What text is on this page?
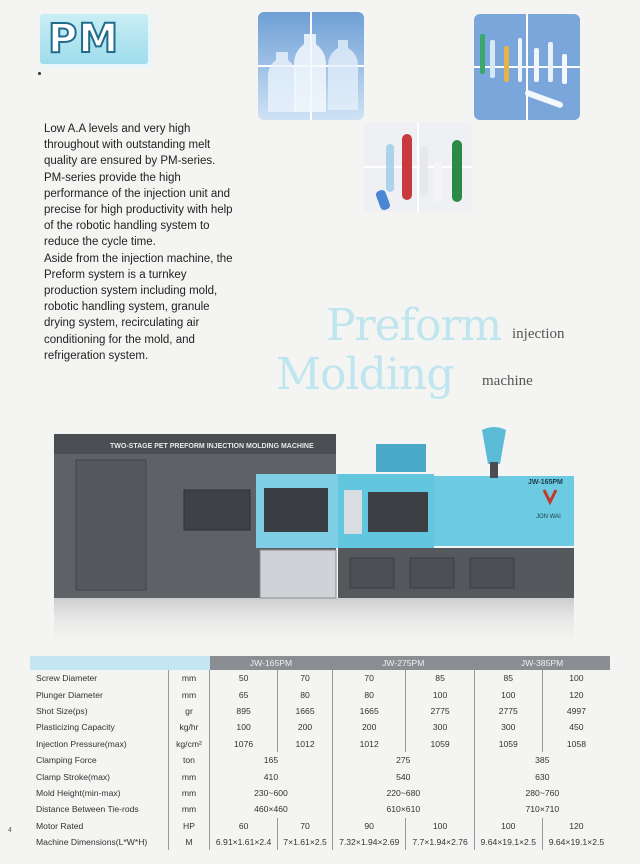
PM
Low A.A levels and very high
throughout with outstanding melt
quality are ensured by PM-series.
PM-series provide the high
performance of the injection unit and
precise for high productivity with help
of the robotic handling system to
reduce the cycle time.
Aside from the injection machine, the
Preform system is a turnkey
production system including mold,
robotic handling system, granule
drying system, recirculating air
conditioning for the mold, and
refrigeration system.
Preform injection
Molding machine
TWO-STAGE PET PREFORM INJECTION MOLDING MACHINE
JW-165PM
JON WAI
		JW-165PM		JW-275PM		JW-385PM	
Screw Diameter	mm	50	70	70	85	85	100
Plunger Diameter	mm	65	80	80	100	100	120
Shot Size(ps)	gr	895	1665	1665	2775	2775	4997
Plasticizing Capacity	kg/hr	100	200	200	300	300	450
Injection Pressure(max)	kg/cm²	1076	1012	1012	1059	1059	1058
Clamping Force	ton	165		275		385	
Clamp Stroke(max)	mm	410		540		630	
Mold Height(min-max)	mm	230~600		220~680		280~760	
Distance Between Tie-rods	mm	460×460		610×610		710×710	
Motor Rated	HP	60	70	90	100	100	120
Machine Dimensions(L*W*H)	M	6.91×1.61×2.4	7×1.61×2.5	7.32×1.94×2.69	7.7×1.94×2.76	9.64×19.1×2.5	9.64×19.1×2.5
4
